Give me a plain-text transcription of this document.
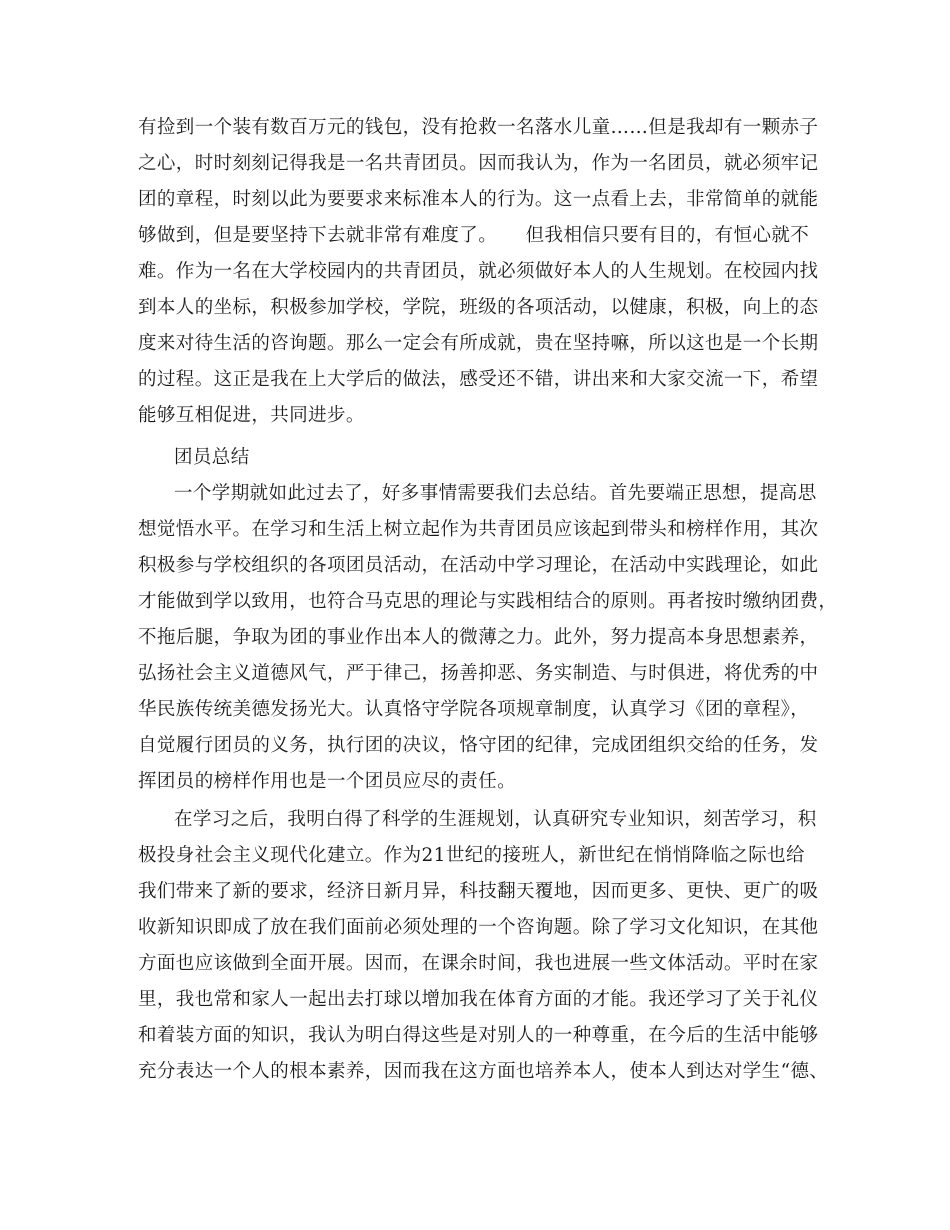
有捡到一个装有数百万元的钱包，没有抢救一名落水儿童……但是我却有一颗赤子
之心，时时刻刻记得我是一名共青团员。因而我认为，作为一名团员，就必须牢记
团的章程，时刻以此为要要求来标准本人的行为。这一点看上去，非常简单的就能
够做到，但是要坚持下去就非常有难度了。　　但我相信只要有目的，有恒心就不
难。作为一名在大学校园内的共青团员，就必须做好本人的人生规划。在校园内找
到本人的坐标，积极参加学校，学院，班级的各项活动，以健康，积极，向上的态
度来对待生活的咨询题。那么一定会有所成就，贵在坚持嘛，所以这也是一个长期
的过程。这正是我在上大学后的做法，感受还不错，讲出来和大家交流一下，希望
能够互相促进，共同进步。
团员总结
一个学期就如此过去了，好多事情需要我们去总结。首先要端正思想，提高思
想觉悟水平。在学习和生活上树立起作为共青团员应该起到带头和榜样作用，其次
积极参与学校组织的各项团员活动，在活动中学习理论，在活动中实践理论，如此
才能做到学以致用，也符合马克思的理论与实践相结合的原则。再者按时缴纳团费，
不拖后腿，争取为团的事业作出本人的微薄之力。此外，努力提高本身思想素养，
弘扬社会主义道德风气，严于律己，扬善抑恶、务实制造、与时俱进，将优秀的中
华民族传统美德发扬光大。认真恪守学院各项规章制度，认真学习《团的章程》，
自觉履行团员的义务，执行团的决议，恪守团的纪律，完成团组织交给的任务，发
挥团员的榜样作用也是一个团员应尽的责任。
在学习之后，我明白得了科学的生涯规划，认真研究专业知识，刻苦学习，积
极投身社会主义现代化建立。作为21世纪的接班人，新世纪在悄悄降临之际也给
我们带来了新的要求，经济日新月异，科技翻天覆地，因而更多、更快、更广的吸
收新知识即成了放在我们面前必须处理的一个咨询题。除了学习文化知识，在其他
方面也应该做到全面开展。因而，在课余时间，我也进展一些文体活动。平时在家
里，我也常和家人一起出去打球以增加我在体育方面的才能。我还学习了关于礼仪
和着装方面的知识，我认为明白得这些是对别人的一种尊重，在今后的生活中能够
充分表达一个人的根本素养，因而我在这方面也培养本人，使本人到达对学生“德、
